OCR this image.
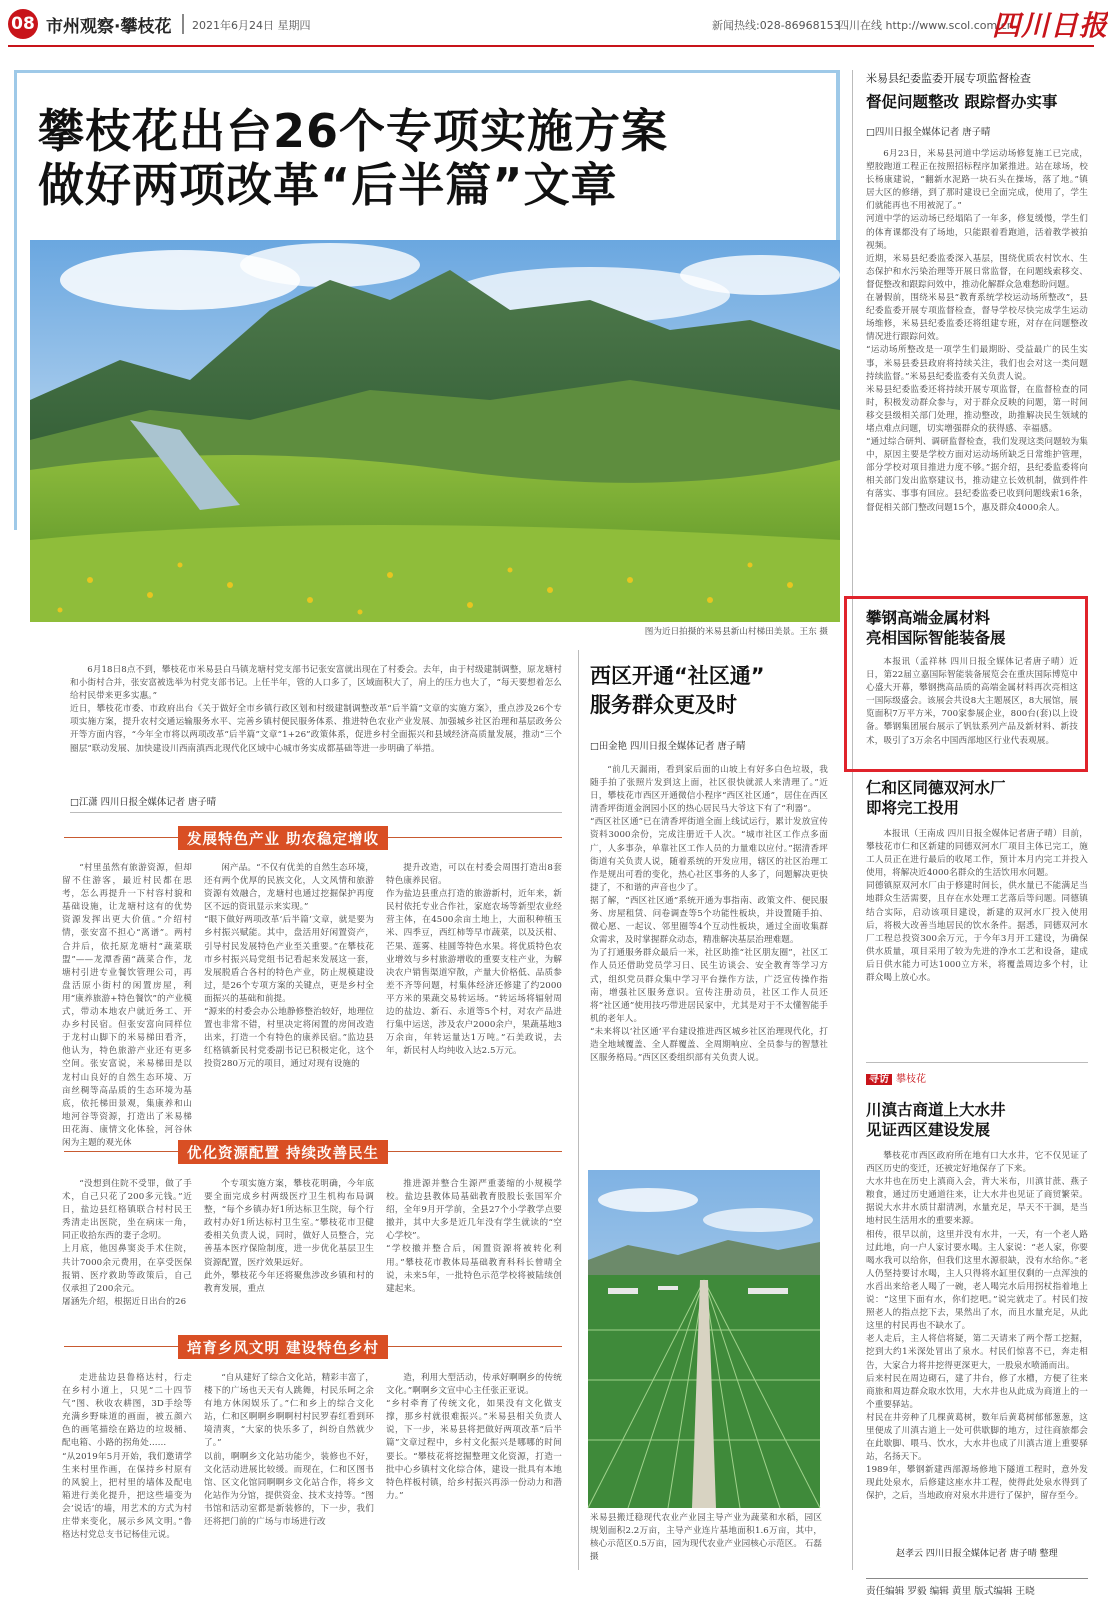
08 市州观察·攀枝花 2021年6月24日 星期四	新闻热线:028-86968153
四川在线 http://www.scol.com.cn
四川日报
攀枝花出台26个专项实施方案
做好两项改革“后半篇”文章
图为近日拍摄的米易县新山村梯田美景。王东 摄
6月18日8点不到，攀枝花市米易县白马镇龙塘村党支部书记张安富就出现在了村委会。去年，由于村级建制调整，原龙塘村和小街村合并，张安富被选举为村党支部书记。上任半年，管的人口多了，区域面积大了，肩上的压力也大了，“每天要想着怎么给村民带来更多实惠。”
近日，攀枝花市委、市政府出台《关于做好全市乡镇行政区划和村级建制调整改革“后半篇”文章的实施方案》，重点涉及26个专项实施方案，提升农村交通运输服务水平、完善乡镇村便民服务体系、推进特色农业产业发展、加强城乡社区治理和基层政务公开等方面内容，“今年全市将以两项改革“后半篇”文章“1+26”政策体系，促进乡村全面振兴和县域经济高质量发展，推动“三个圈层”联动发展、加快建设川西南滇西北现代化区域中心城市务实成都基础等进一步明确了举措。
□江潇 四川日报全媒体记者 唐子晴
发展特色产业 助农稳定增收
“村里虽然有旅游资源，但却留不住游客，最近村民都在思考，怎么再提升一下村容村貌和基础设施，让龙塘村这有的优势资源发挥出更大价值。”介绍村情，张安富不担心“离谱”。两村合并后，依托原龙塘村“蔬菜联盟”——龙潭香菌“蔬菜合作，龙塘村引进专业餐饮管理公司，再盘活原小街村的闲置房屋，利用“康养旅游+特色餐饮”的产业模式，带动本地农户就近务工、开办乡村民宿。但张安富向同样位于龙村山脚下的米易梯田看齐，他认为，特色旅游产业还有更多空间。张安富说，米易梯田是以龙村山良好的自然生态环境、万亩丝稠等高品质的生态环境为基底，依托梯田景观，集康养和山地河谷等资源，打造出了米易梯田花海、康情文化体验，河谷休闲为主题的观光休
闲产品。“不仅有优美的自然生态环境，还有两个优厚的民族文化，人文风情和旅游资源有效融合，龙塘村也通过挖掘保护再度区不远的资讯显示来实现。”
“眼下做好两项改革‘后半篇’文章，就是要为乡村振兴赋能。其中，盘活用好闲置资产，引导村民发展特色产业至关重要。”在攀枝花市乡村振兴局党组书记看起来发展这一套，发展脱盾合各村的特色产业，防止规模建设过，是26个专项方案的关键点，更是乡村全面振兴的基础和前提。
“源来的村委会办公地静修整治较好，地理位置也非常不错，村里决定将闲置的房间改造出来，打造一个有特色的康养民宿。”监边县红格镇新民村党委副书记已积极定化，这个投资280万元的项目，通过对现有设施的
提升改造，可以在村委会周围打造出8套特色康养民宿。
作为盐边县重点打造的旅游新村，近年来，新民村依托专业合作社，家庭农场等新型农业经营主体，在4500余亩土地上，大面积种植玉米、四季豆，西红柿等早市蔬菜，以及沃柑、芒果、莲雾、桂圆等特色水果。将优质特色农业增效与乡村旅游增收的重要支柱产业，为解决农户销售渠道窄散，产量大价格低、品质参差不齐等问题，村集体经济还修建了约2000平方米的果蔬交易转运场。“转运场将辐射周边的盐边、新石、永道等5个村，对农产品进行集中运送，涉及农户2000余户，果蔬基地3万余亩，年转运量达1万吨。”石美政说，去年，新民村人均纯收入达2.5万元。
优化资源配置 持续改善民生
“没想到住院不受罪，做了手术，自己只花了200多元钱。”近日，盐边县红格镇联合村村民王秀清走出医院，坐在病床一角，同正收拾东西的妻子念叨。
上月底，他因鼻窦炎手术住院，共计7000余元费用，在享受医保报销、医疗救助等政策后，自己仅承担了200余元。
屠涵先介绍，根据近日出台的26
个专项实施方案，攀枝花明确，今年底要全面完成乡村两级医疗卫生机构布局调整，“每个乡镇办好1所达标卫生院，每个行政村办好1所达标村卫生室。”攀枝花市卫健委相关负责人说，同时，做好人员整合，完善基本医疗保险制度，进一步优化基层卫生资源配置，医疗效果远好。
此外，攀枝花今年还将聚焦涉改乡镇和村的教育发展，重点
推进源并整合生源严重萎缩的小规模学校。盐边县教体局基础教育股股长张国军介绍，全年9月开学前，全县27个小学教学点要撤并，其中大多是近几年没有学生就读的“空心学校”。
“学校撤并整合后，闲置资源将被转化利用。”攀枝花市教体局基础教育科科长曾晴全说，未来5年，一批特色示范学校将被陆续创建起来。
培育乡风文明 建设特色乡村
走进盐边县鲁格达村，行走在乡村小道上，只见“二十四节气”图、秋收农耕图，3D手绘等充满乡野味道的画面，被五颜六色的画笔描绘在路边的垃圾桶、配电箱、小路的拐角处……
“从2019年5月开始，我们邀请学生来村里作画，在保持乡村原有的风貌上，把村里的墙体及配电箱进行美化提升，把这些墙变为会‘说话’的墙，用艺术的方式为村庄带来变化，展示乡风文明。”鲁格达村党总支书记杨佳元说。
“自从建好了综合文化站，精彩丰富了，楼下的广场也天天有人跳舞，村民乐呵之余有地方休闲娱乐了。”仁和乡上的综合文化站，仁和区啊啊乡啊啊村村民罗春红看到环境清爽，“大家的快乐多了，纠纷自然就少了。”
以前，啊啊乡文化站功能少，装修也不好，文化活动进展比较缓。而现在，仁和区图书馆、区文化馆同啊啊乡文化站合作，将乡文化站作为分馆，提供资金、技术支持等。“图书馆和活动室都是新装修的，下一步，我们还将把门前的广场与市场进行改
造，利用大型活动，传承好啊啊乡的传统文化。”啊啊乡文宣中心主任张正亚说。
“乡村牵育了传统文化，如果没有文化做支撑，那乡村就很难振兴。”米易县相关负责人说，下一步，米易县将把做好两项改革“后半篇”文章过程中，乡村文化振兴是哪哪的时间要长。“攀枝花将挖掘整理文化资源，打造一批中心乡镇村文化综合体，建设一批具有本地特色样板村镇，给乡村振兴再添一份动力和潜力。”
西区开通“社区通”
服务群众更及时
□田金艳 四川日报全媒体记者 唐子晴
“前几天漏雨，看到家后面的山坡上有好多白色垃圾，我随手拍了张照片发到这上面，社区很快就派人来清理了。”近日，攀枝花市西区开通微信小程序“西区社区通”，居住在西区清香坪街道金润园小区的热心居民马大爷这下有了“利器”。
“西区社区通”已在清香坪街道全面上线试运行，累计发放宣传资料3000余份，完成注册近千人次。“城市社区工作点多面广，人多事杂，单靠社区工作人员的力量难以应付。”据清香坪街道有关负责人说，随着系统的开发应用，辖区的社区治理工作是规出可看的变化，热心社区事务的人多了，问题解决更快捷了，不和谐的声音也少了。
据了解，“西区社区通”系统开通为事指南、政策文件、便民服务、房屋租赁、问卷调查等5个功能性板块，并设置随手拍、微心愿、一起议、邻里圈等4个互动性板块，通过全面收集群众需求，及时掌握群众动态，精准解决基层治理难题。
为了打通服务群众最后一米，社区助推“社区朋友圈”，社区工作人员还借助党员学习日、民生访谈会、安全教育等学习方式，组织党员群众集中学习平台操作方法，广泛宣传操作指南，增强社区服务意识。宣传注册动员，社区工作人员还将“社区通”使用技巧带进居民家中，尤其是对于不太懂智能手机的老年人。
“未来将以‘社区通’平台建设推进西区城乡社区治理现代化，打造全地域覆盖、全人群覆盖、全周期响应、全员参与的智慧社区服务格局。”西区区委组织部有关负责人说。
米易县搬迁稳现代农业产业园主导产业为蔬菜和水稻，园区规划面积2.2万亩，主导产业连片基地面积1.6万亩，其中，核心示范区0.5万亩，园为现代农业产业园核心示范区。 石磊 摄
米易县纪委监委开展专项监督检查
督促问题整改 跟踪督办实事
□四川日报全媒体记者 唐子晴
6月23日，米易县河道中学运动场修复施工已完成，塑胶跑道工程正在按照招标程序加紧推进。站在球场，校长杨康建说，“翻新水泥路一块石头在操场，落了地。”镇居大区的修缮，到了那时建设已全面完成，使用了，学生们就能再也不用被泥了。”
河道中学的运动场已经塌陷了一年多，修复缓慢，学生们的体育课都没有了场地，只能跟着看跑道，活着教学被拍视频。
近期，米易县纪委监委深入基层，围绕优质农村饮水、生态保护和水污染治理等开展日常监督，在问题线索移交、督促整改和跟踪问效中，推动化解群众急难愁盼问题。
在暑假前，围绕米易县“教育系统学校运动场所整改”，县纪委监委开展专项监督检查，督导学校尽快完成学生运动场维修，米易县纪委监委还将组建专班，对存在问题整改情况进行跟踪问效。
“运动场所整改是一项学生们最期盼、受益最广的民生实事，米易县委县政府将持续关注，我们也会对这一类问题持续监督。”米易县纪委监委有关负责人说。
米易县纪委监委还将持续开展专项监督，在监督检查的同时，积极发动群众参与，对于群众反映的问题，第一时间移交县级相关部门处理，推动整改，助推解决民生领域的堵点难点问题，切实增强群众的获得感、幸福感。
“通过综合研判、调研监督检查，我们发现这类问题较为集中，原因主要是学校方面对运动场所缺乏日常维护管理，部分学校对项目推进力度不够。”据介绍，县纪委监委将向相关部门发出监察建议书，推动建立长效机制，做到件件有落实、事事有回应。县纪委监委已收到问题线索16条，督促相关部门整改问题15个，惠及群众4000余人。
攀钢高端金属材料
亮相国际智能装备展
本报讯（孟祥林 四川日报全媒体记者唐子晴）近日，第22届立嘉国际智能装备展览会在重庆国际博览中心盛大开幕，攀钢携高品质的高端金属材料再次亮相这一国际级盛会。该展会共设8大主题展区，8大展馆，展览面积7万平方米，700家参展企业，800台(套)以上设备。攀钢集团展台展示了钒钛系列产品及新材料、新技术，吸引了3万余名中国西部地区行业代表观展。
仁和区同德双河水厂
即将完工投用
本报讯（王南成 四川日报全媒体记者唐子晴）目前，攀枝花市仁和区新建的同德双河水厂项目主体已完工，施工人员正在进行最后的收尾工作，预计本月内完工并投入使用，将解决近4000名群众的生活饮用水问题。
同德镇原双河水厂由于修建时间长，供水量已不能满足当地群众生活需要，且存在水处理工艺落后等问题。同德镇结合实际，启动该项目建设，新建的双河水厂投入使用后，将极大改善当地居民的饮水条件。据悉，同德双河水厂工程总投资300余万元，于今年3月开工建设，为确保供水质量，项目采用了较为先进的净水工艺和设备，建成后日供水能力可达1000立方米，将覆盖周边多个村，让群众喝上放心水。
寻访 攀枝花
川滇古商道上大水井
见证西区建设发展
攀枝花市西区政府所在地有口大水井，它不仅见证了西区历史的变迁，还被定好地保存了下来。
大水井也在历史上滇商入会，背大米布，川滇甘蔗、燕子粮食，通过历史通道往来，让大水井也见证了商贸繁荣。据说大水井水质甘甜清冽，水量充足，旱天不干涸，是当地村民生活用水的重要来源。
相传，很早以前，这里并没有水井，一天，有一个老人路过此地，向一户人家讨要水喝。主人家说：“老人家，你要喝水我可以给你，但我们这里水源很缺，没有水给你。”老人仍坚持要讨水喝，主人只得将水缸里仅剩的一点浑浊的水舀出来给老人喝了一碗，老人喝完水后用拐杖指着地上说：“这里下面有水，你们挖吧。”说完就走了。村民们按照老人的指点挖下去，果然出了水，而且水量充足，从此这里的村民再也不缺水了。
老人走后，主人将信将疑，第二天请来了两个帮工挖掘，挖到大约1米深处冒出了泉水。村民们惊喜不已，奔走相告，大家合力将井挖得更深更大，一股泉水喷涌而出。
后来村民在周边砌石，建了井台，修了水槽，方便了往来商旅和周边群众取水饮用，大水井也从此成为商道上的一个重要驿站。
村民在井旁种了几棵黄葛树，数年后黄葛树郁郁葱葱，这里便成了川滇古道上一处可供歇脚的地方，过往商旅都会在此歇脚、喂马、饮水，大水井也成了川滇古道上重要驿站，名扬天下。
1989年，攀钢新建西部源场修地下隧道工程时，意外发现此处泉水，后修建这座水井工程，使得此处泉水得到了保护，之后，当地政府对泉水井进行了保护，留存至今。
赵孝云 四川日报全媒体记者 唐子晴 整理
责任编辑 罗毅 编辑 黄里 版式编辑 王晓
